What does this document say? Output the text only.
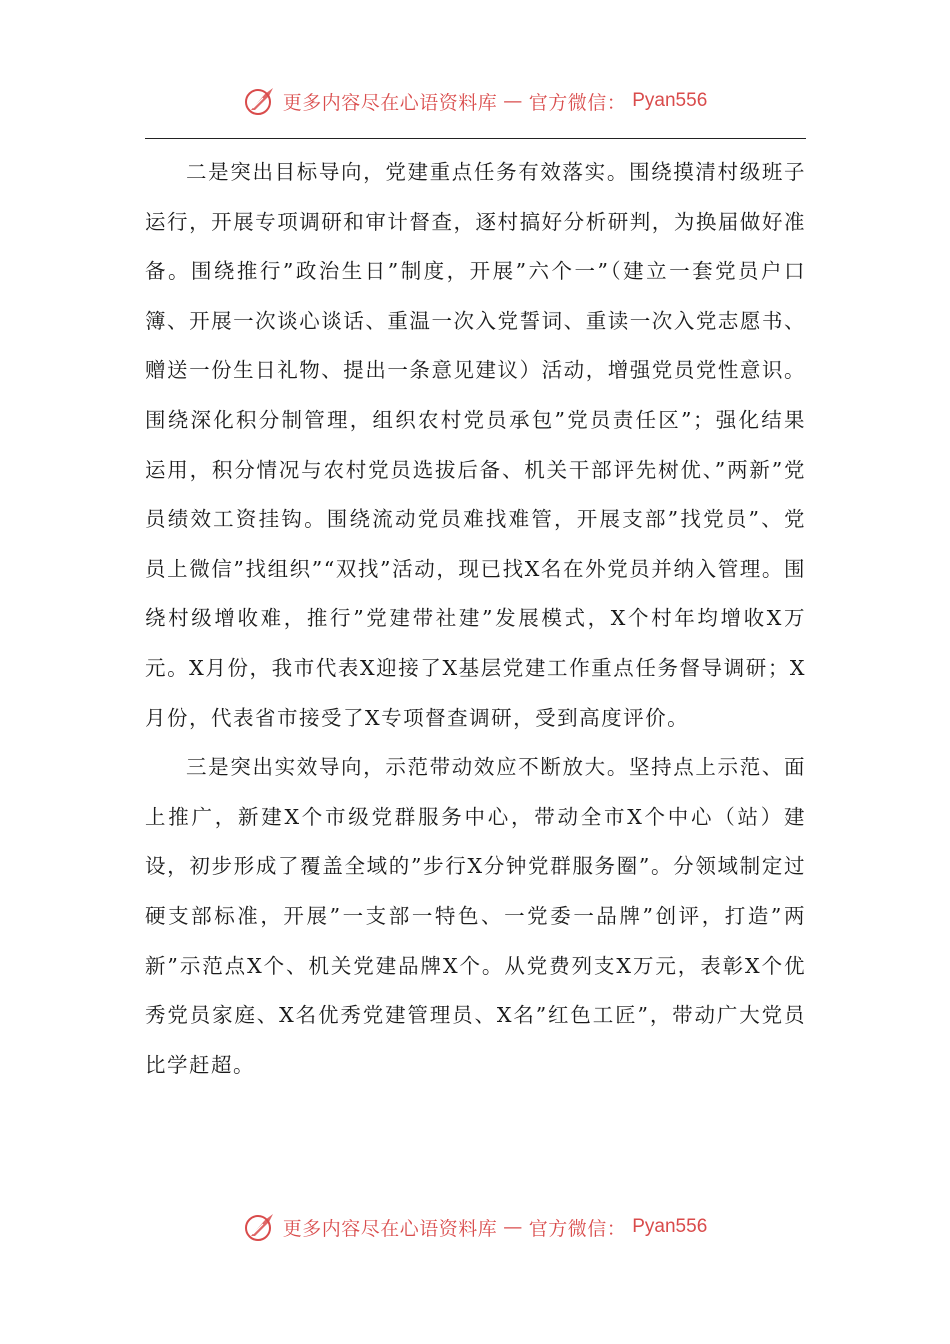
更多内容尽在心语资料库 — 官方微信： Pyan556

二是突出目标导向，党建重点任务有效落实。围绕摸清村级班子运行，开展专项调研和审计督查，逐村搞好分析研判，为换届做好准备。围绕推行”政治生日”制度，开展”六个一”（建立一套党员户口簿、开展一次谈心谈话、重温一次入党誓词、重读一次入党志愿书、赠送一份生日礼物、提出一条意见建议）活动，增强党员党性意识。围绕深化积分制管理，组织农村党员承包”党员责任区”；强化结果运用，积分情况与农村党员选拔后备、机关干部评先树优、”两新”党员绩效工资挂钩。围绕流动党员难找难管，开展支部”找党员”、党员上微信”找组织”“双找”活动，现已找X名在外党员并纳入管理。围绕村级增收难，推行”党建带社建”发展模式，X个村年均增收X万元。X月份，我市代表X迎接了X基层党建工作重点任务督导调研；X月份，代表省市接受了X专项督查调研，受到高度评价。

三是突出实效导向，示范带动效应不断放大。坚持点上示范、面上推广，新建X个市级党群服务中心，带动全市X个中心（站）建设，初步形成了覆盖全域的”步行X分钟党群服务圈”。分领域制定过硬支部标准，开展”一支部一特色、一党委一品牌”创评，打造”两新”示范点X个、机关党建品牌X个。从党费列支X万元，表彰X个优秀党员家庭、X名优秀党建管理员、X名”红色工匠”，带动广大党员比学赶超。

更多内容尽在心语资料库 — 官方微信： Pyan556
